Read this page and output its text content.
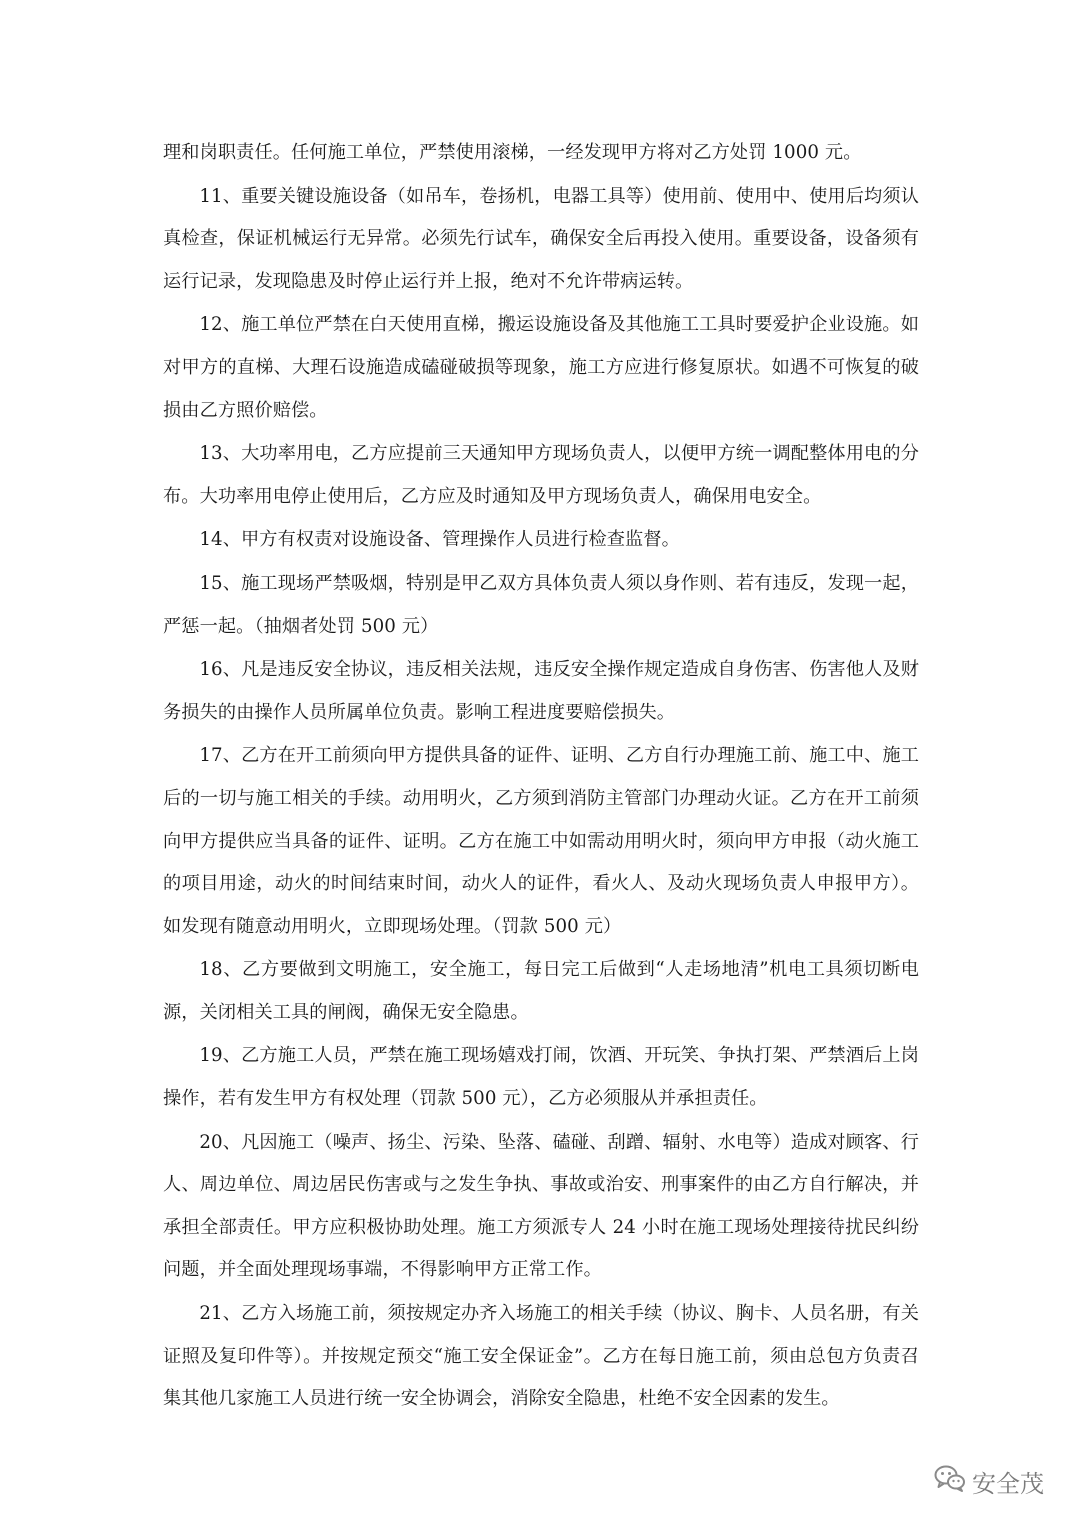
理和岗职责任。任何施工单位，严禁使用滚梯，一经发现甲方将对乙方处罚 1000 元。

11、重要关键设施设备（如吊车，卷扬机，电器工具等）使用前、使用中、使用后均须认真检查，保证机械运行无异常。必须先行试车，确保安全后再投入使用。重要设备，设备须有运行记录，发现隐患及时停止运行并上报，绝对不允许带病运转。

12、施工单位严禁在白天使用直梯，搬运设施设备及其他施工工具时要爱护企业设施。如对甲方的直梯、大理石设施造成磕碰破损等现象，施工方应进行修复原状。如遇不可恢复的破损由乙方照价赔偿。

13、大功率用电，乙方应提前三天通知甲方现场负责人，以便甲方统一调配整体用电的分布。大功率用电停止使用后，乙方应及时通知及甲方现场负责人，确保用电安全。

14、甲方有权责对设施设备、管理操作人员进行检查监督。

15、施工现场严禁吸烟，特别是甲乙双方具体负责人须以身作则、若有违反，发现一起，严惩一起。（抽烟者处罚 500 元）

16、凡是违反安全协议，违反相关法规，违反安全操作规定造成自身伤害、伤害他人及财务损失的由操作人员所属单位负责。影响工程进度要赔偿损失。

17、乙方在开工前须向甲方提供具备的证件、证明、乙方自行办理施工前、施工中、施工后的一切与施工相关的手续。动用明火，乙方须到消防主管部门办理动火证。乙方在开工前须向甲方提供应当具备的证件、证明。乙方在施工中如需动用明火时，须向甲方申报（动火施工的项目用途，动火的时间结束时间，动火人的证件，看火人、及动火现场负责人申报甲方）。如发现有随意动用明火，立即现场处理。（罚款 500 元）

18、乙方要做到文明施工，安全施工，每日完工后做到“人走场地清”机电工具须切断电源，关闭相关工具的闸阀，确保无安全隐患。

19、乙方施工人员，严禁在施工现场嬉戏打闹，饮酒、开玩笑、争执打架、严禁酒后上岗操作，若有发生甲方有权处理（罚款 500 元），乙方必须服从并承担责任。

20、凡因施工（噪声、扬尘、污染、坠落、磕碰、刮蹭、辐射、水电等）造成对顾客、行人、周边单位、周边居民伤害或与之发生争执、事故或治安、刑事案件的由乙方自行解决，并承担全部责任。甲方应积极协助处理。施工方须派专人 24 小时在施工现场处理接待扰民纠纷问题，并全面处理现场事端，不得影响甲方正常工作。

21、乙方入场施工前，须按规定办齐入场施工的相关手续（协议、胸卡、人员名册，有关证照及复印件等）。并按规定预交“施工安全保证金”。乙方在每日施工前，须由总包方负责召集其他几家施工人员进行统一安全协调会，消除安全隐患，杜绝不安全因素的发生。

安全茂
